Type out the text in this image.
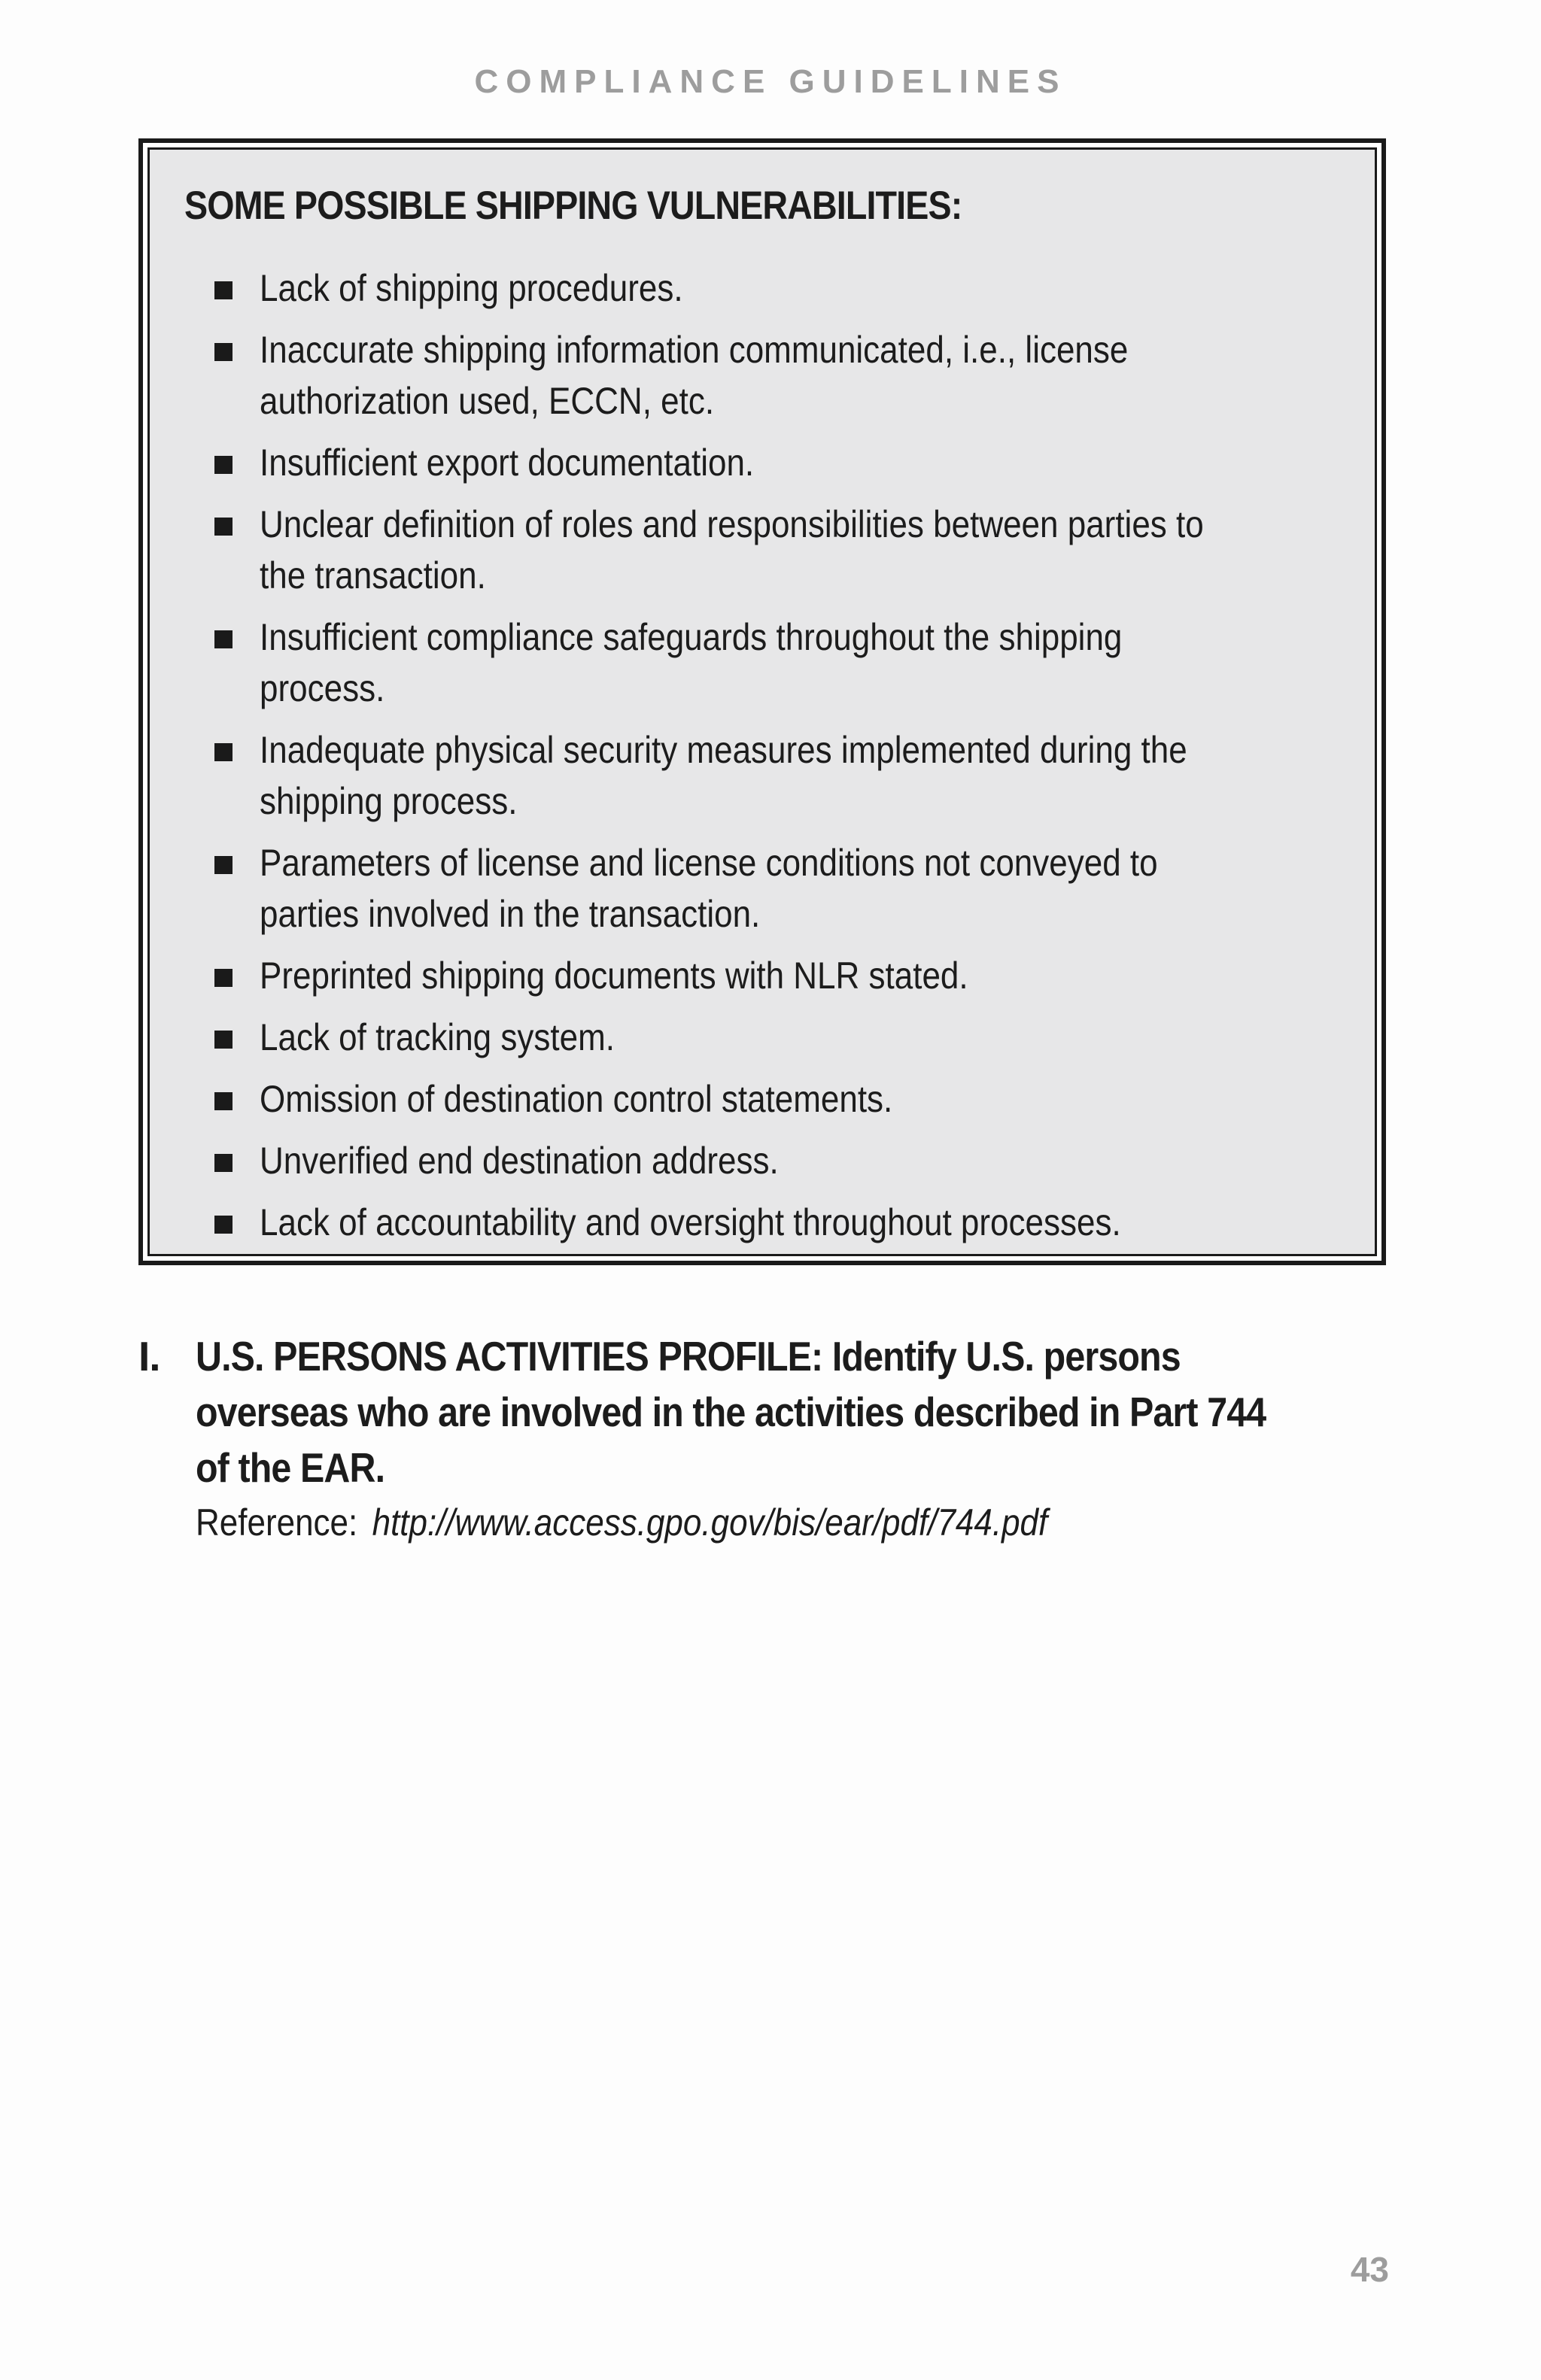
COMPLIANCE GUIDELINES
SOME POSSIBLE SHIPPING VULNERABILITIES:
Lack of shipping procedures.
Inaccurate shipping information communicated, i.e., license
authorization used, ECCN, etc.
Insufficient export documentation.
Unclear definition of roles and responsibilities between parties to
the transaction.
Insufficient compliance safeguards throughout the shipping
process.
Inadequate physical security measures implemented during the
shipping process.
Parameters of license and license conditions not conveyed to
parties involved in the transaction.
Preprinted shipping documents with NLR stated.
Lack of tracking system.
Omission of destination control statements.
Unverified end destination address.
Lack of accountability and oversight throughout processes.
I. U.S. PERSONS ACTIVITIES PROFILE: Identify U.S. persons
overseas who are involved in the activities described in Part 744
of the EAR.
Reference: http://www.access.gpo.gov/bis/ear/pdf/744.pdf
43
